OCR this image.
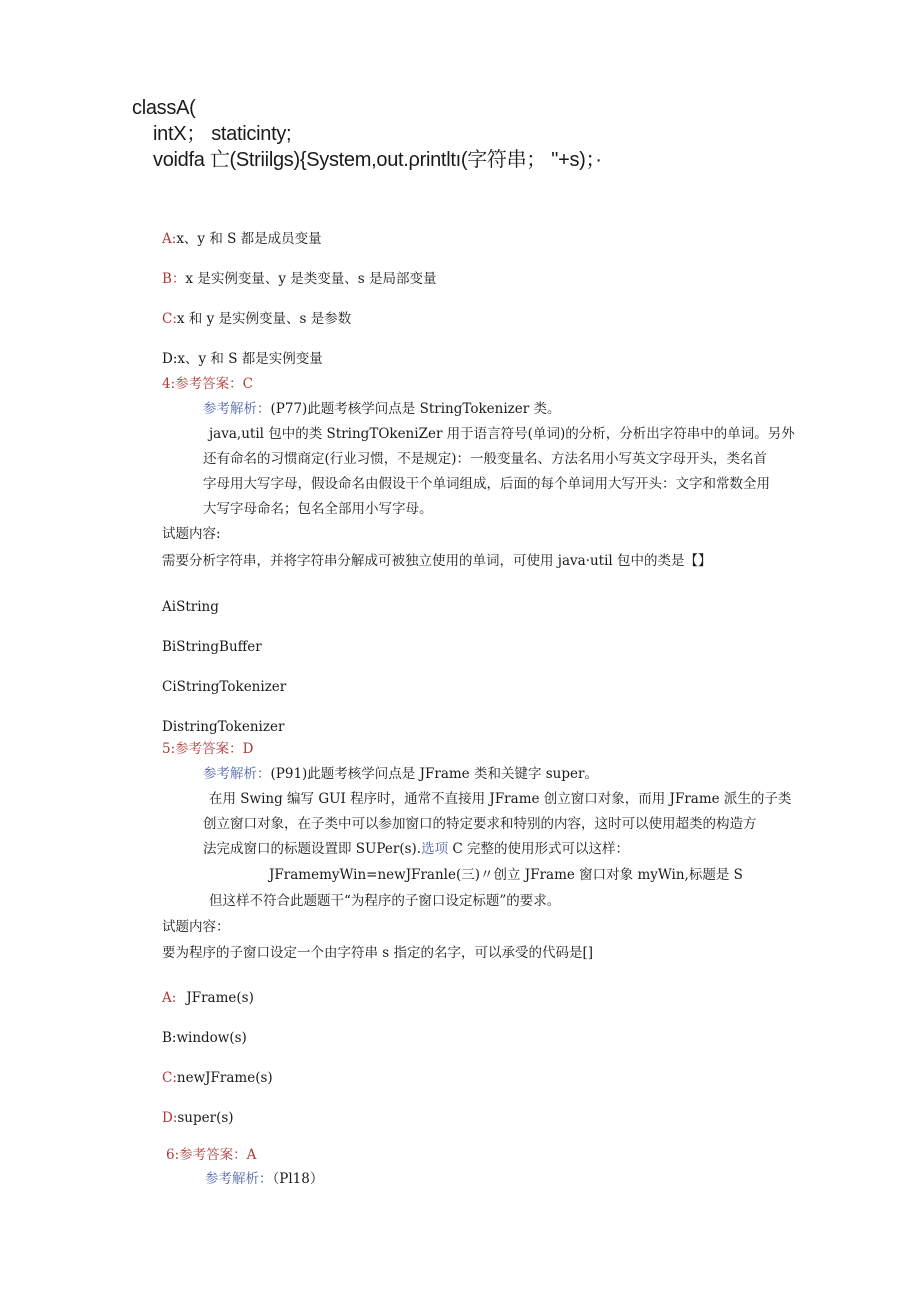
classA(
intX； staticinty;
voidfa 亡(Striilgs){System,out.ρrintltı(字符串； "+s)；·
A:x、y 和 S 都是成员变量
B：x 是实例变量、y 是类变量、s 是局部变量
C:x 和 y 是实例变量、s 是参数
D:x、y 和 S 都是实例变量
4:参考答案：C
参考解析：(P77)此题考核学问点是 StringTokenizer 类。
java,util 包中的类 StringTOkeniZer 用于语言符号(单词)的分析，分析出字符串中的单词。另外
还有命名的习惯商定(行业习惯，不是规定)：一般变量名、方法名用小写英文字母开头，类名首
字母用大写字母，假设命名由假设干个单词组成，后面的每个单词用大写开头：文字和常数全用
大写字母命名；包名全部用小写字母。
试题内容:
需要分析字符串，并将字符串分解成可被独立使用的单词，可使用 java·util 包中的类是【】
AiString
BiStringBuffer
CiStringTokenizer
DistringTokenizer
5:参考答案：D
参考解析：(P91)此题考核学问点是 JFrame 类和关键字 super。
在用 Swing 编写 GUI 程序时，通常不直接用 JFrame 创立窗口对象，而用 JFrame 派生的子类
创立窗口对象，在子类中可以参加窗口的特定要求和特别的内容，这时可以使用超类的构造方
法完成窗口的标题设置即 SUPer(s).选项 C 完整的使用形式可以这样：
JFramemyWin=newJFranle(三)〃创立 JFrame 窗口对象 myWin,标题是 S
但这样不符合此题题干“为程序的子窗口设定标题”的要求。
试题内容：
要为程序的子窗口设定一个由字符串 s 指定的名字，可以承受的代码是[]
A: JFrame(s)
B:window(s)
C:newJFrame(s)
D:super(s)
6:参考答案：A
参考解析：（Pl18）
